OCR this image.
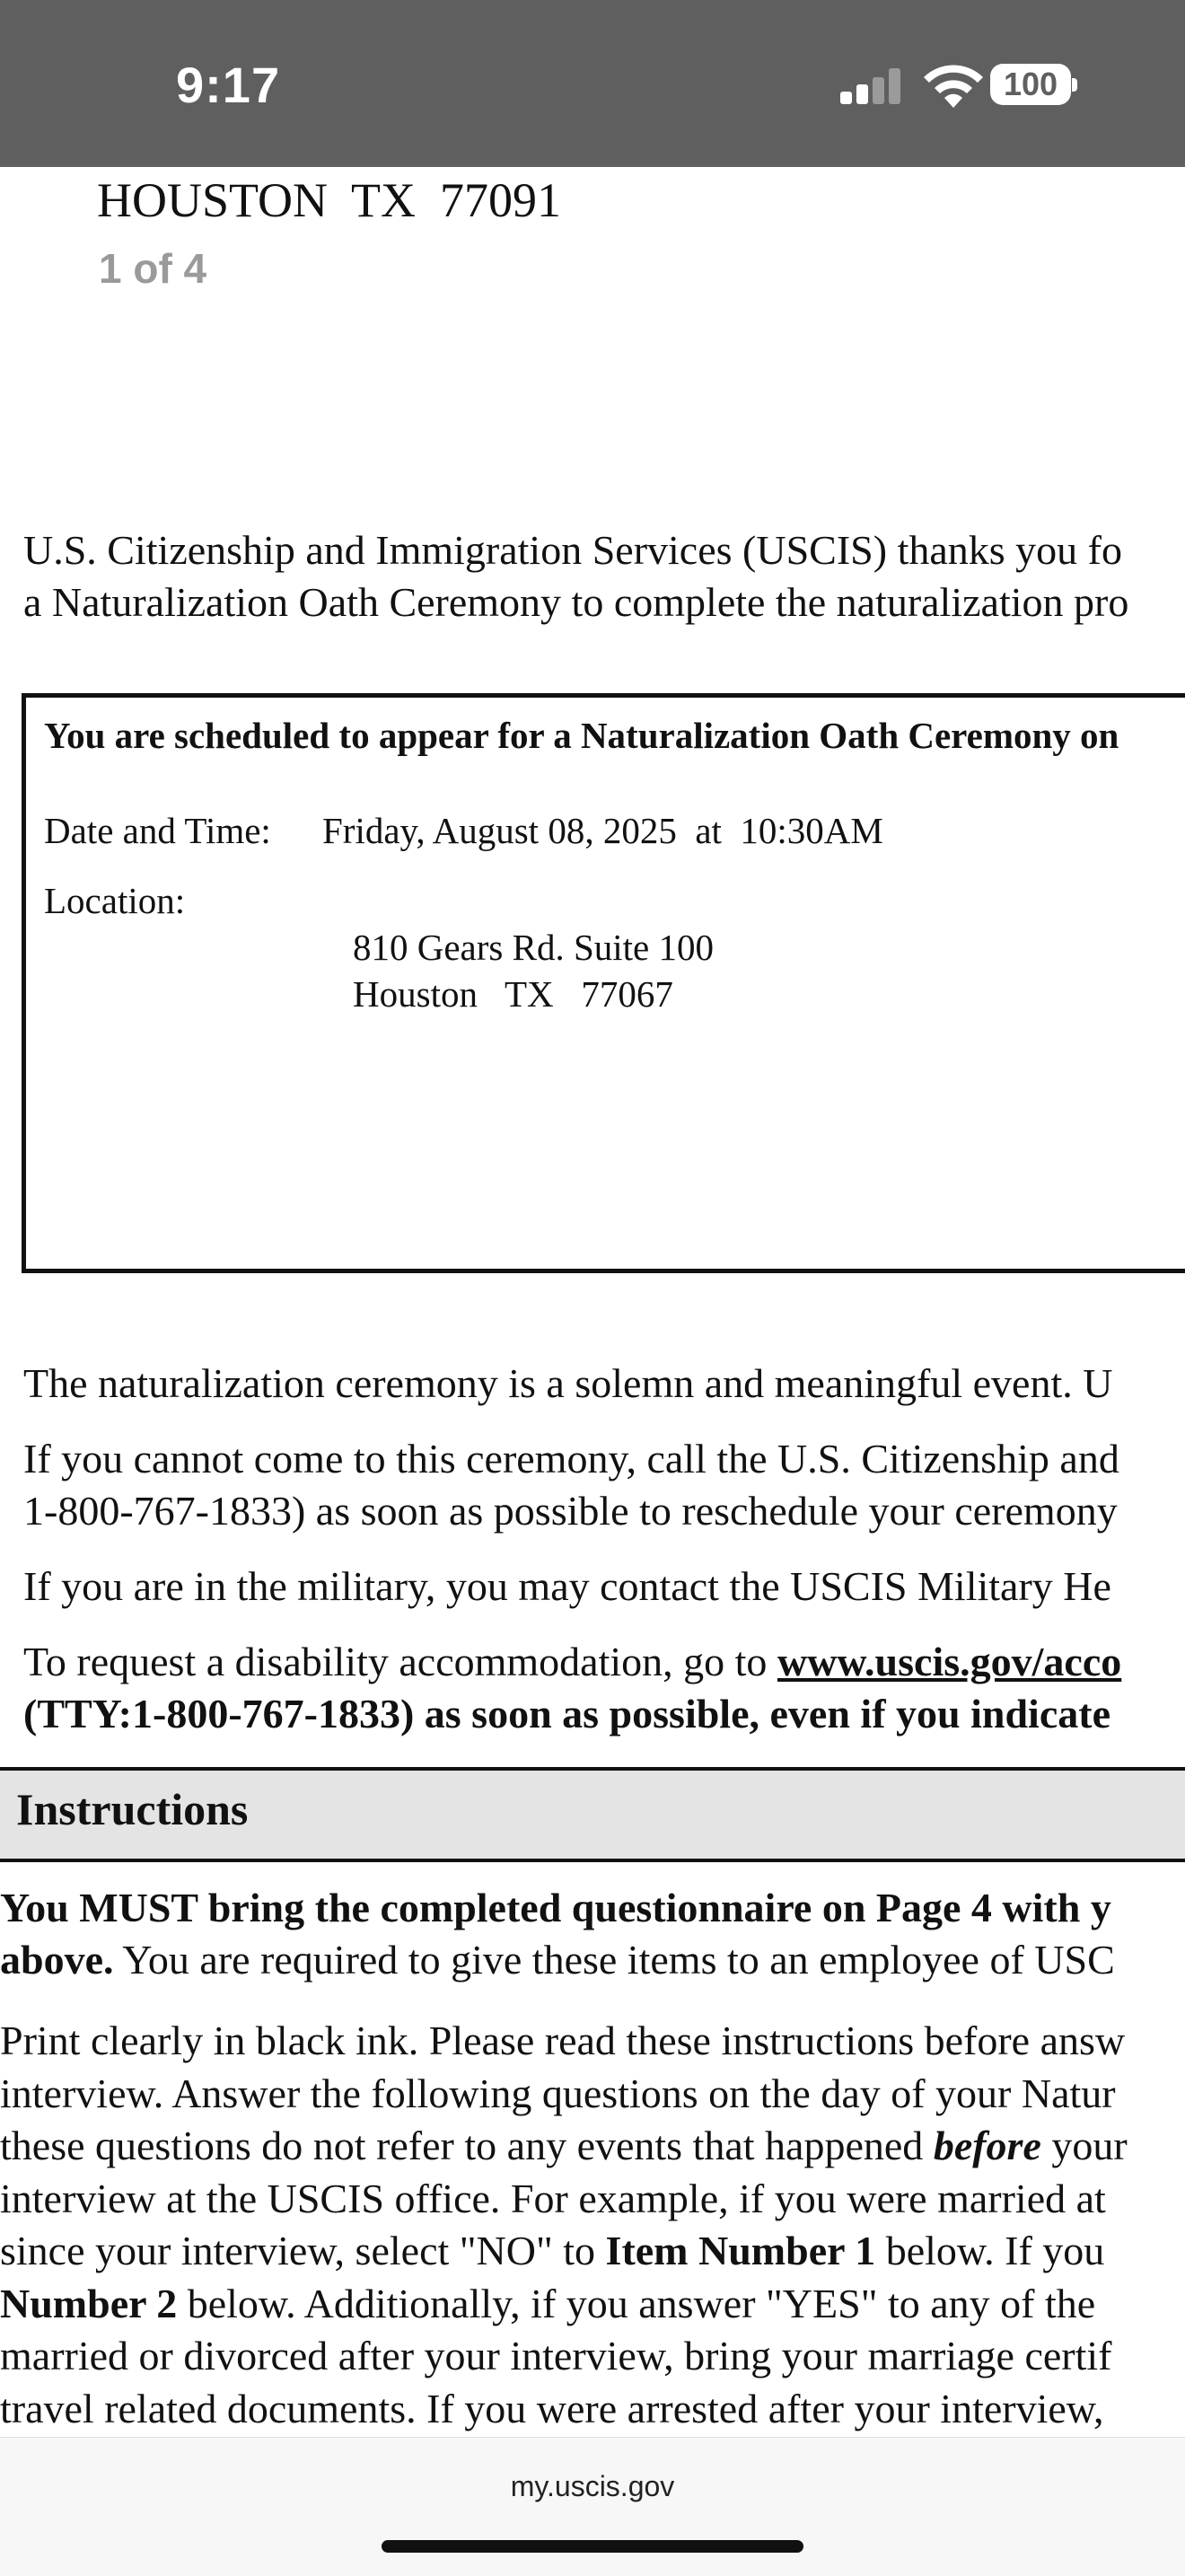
9:17	100
HOUSTON  TX  77091
1 of 4
U.S. Citizenship and Immigration Services (USCIS) thanks you fo
a Naturalization Oath Ceremony to complete the naturalization pro
You are scheduled to appear for a Naturalization Oath Ceremony on
Date and Time: Friday, August 08, 2025  at  10:30AM
Location:
810 Gears Rd. Suite 100
Houston   TX   77067
The naturalization ceremony is a solemn and meaningful event. U
If you cannot come to this ceremony, call the U.S. Citizenship and
1-800-767-1833) as soon as possible to reschedule your ceremony
If you are in the military, you may contact the USCIS Military He
To request a disability accommodation, go to www.uscis.gov/acco
(TTY:1-800-767-1833) as soon as possible, even if you indicate
Instructions
You MUST bring the completed questionnaire on Page 4 with y
above. You are required to give these items to an employee of USC
Print clearly in black ink. Please read these instructions before answ
interview. Answer the following questions on the day of your Natur
these questions do not refer to any events that happened before your
interview at the USCIS office. For example, if you were married at
since your interview, select "NO" to Item Number 1 below. If you
Number 2 below. Additionally, if you answer "YES" to any of the
married or divorced after your interview, bring your marriage certif
travel related documents. If you were arrested after your interview,
my.uscis.gov
